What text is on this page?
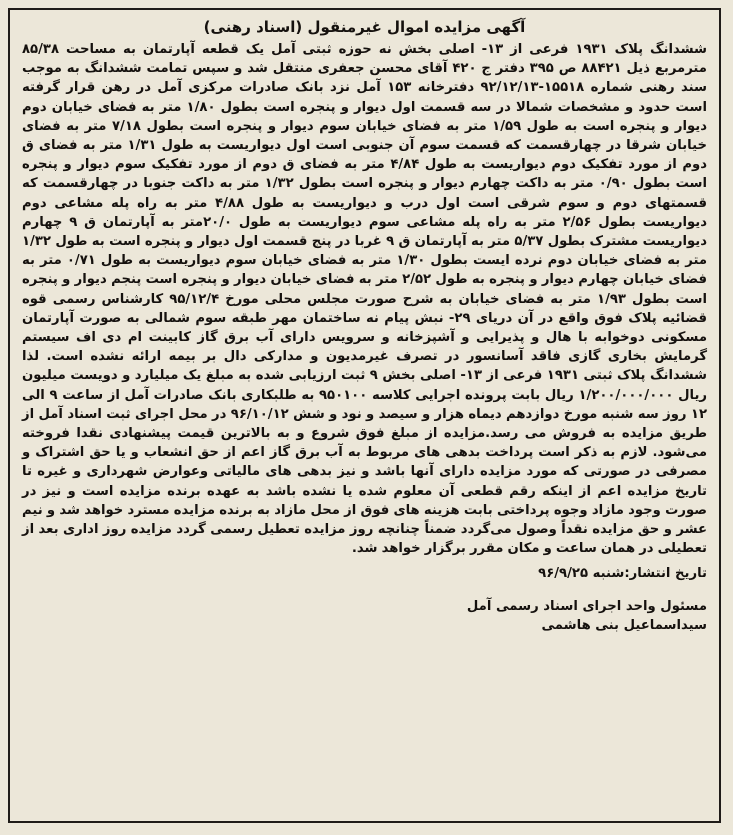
آگهی مزایده اموال غیرمنقول (اسناد رهنی)

ششدانگ پلاک ۱۹۳۱ فرعی از ۱۳- اصلی بخش نه حوزه ثبتی آمل یک قطعه آپارتمان به مساحت ۸۵/۳۸ مترمربع ذیل ۸۸۴۲۱ ص ۳۹۵ دفتر ج ۴۲۰ آقای محسن جعفری منتقل شد و سپس تمامت ششدانگ به موجب سند رهنی شماره ۱۵۵۱۸-۹۲/۱۲/۱۳ دفترخانه ۱۵۳ آمل نزد بانک صادرات مرکزی آمل در رهن قرار گرفته است حدود و مشخصات شمالا در سه قسمت اول دیوار و پنجره است بطول ۱/۸۰ متر به فضای خیابان دوم دیوار و پنجره است به طول ۱/۵۹ متر به فضای خیابان سوم دیوار و پنجره است بطول ۷/۱۸ متر به فضای خیابان شرقا در چهارقسمت که قسمت سوم آن جنوبی است اول دیواریست به طول ۱/۳۱ متر به فضای ق دوم از مورد تفکیک دوم دیواریست به طول ۴/۸۴ متر به فضای ق دوم از مورد تفکیک سوم دیوار و پنجره است بطول ۰/۹۰ متر به داکت چهارم دیوار و پنجره است بطول ۱/۳۲ متر به داکت جنوبا در چهارقسمت که قسمتهای دوم و سوم شرقی است اول درب و دیواریست به طول ۴/۸۸ متر به راه پله مشاعی دوم دیواریست بطول ۲/۵۶ متر به راه پله مشاعی سوم دیواریست به طول ۲۰/۰متر به آپارتمان ق ۹ چهارم دیواریست مشترک بطول ۵/۳۷ متر به آپارتمان ق ۹ غربا در پنج قسمت اول دیوار و پنجره است به طول ۱/۳۲ متر به فضای خیابان دوم نرده ایست بطول ۱/۳۰ متر به فضای خیابان سوم دیواریست به طول ۰/۷۱ متر به فضای خیابان چهارم دیوار و پنجره به طول ۲/۵۲ متر به فضای خیابان دیوار و پنجره است پنجم دیوار و پنجره است بطول ۱/۹۳ متر به فضای خیابان به شرح صورت مجلس محلی مورخ ۹۵/۱۲/۴ کارشناس رسمی قوه قضائیه پلاک فوق واقع در آن دریای ۲۹- نبش پیام نه ساختمان مهر طبقه سوم شمالی به صورت آپارتمان مسکونی دوخوابه با هال و پذیرایی و آشپزخانه و سرویس دارای آب برق گاز کابینت ام دی اف سیستم گرمایش بخاری گازی فاقد آسانسور در تصرف غیرمدیون و مدارکی دال بر بیمه ارائه نشده است. لذا ششدانگ پلاک ثبتی ۱۹۳۱ فرعی از ۱۳- اصلی بخش ۹ ثبت ارزیابی شده به مبلغ یک میلیارد و دویست میلیون ریال ۱/۲۰۰/۰۰۰/۰۰۰ ریال بابت پرونده اجرایی کلاسه ۹۵۰۱۰۰ به طلبکاری بانک صادرات آمل از ساعت ۹ الی ۱۲ روز سه شنبه مورخ دوازدهم دیماه هزار و سیصد و نود و شش ۹۶/۱۰/۱۲ در محل اجرای ثبت اسناد آمل از طریق مزایده به فروش می رسد.مزایده از مبلغ فوق شروع و به بالاترین قیمت پیشنهادی نقدا فروخته می‌شود. لازم به ذکر است پرداخت بدهی های مربوط به آب برق گاز اعم از حق انشعاب و یا حق اشتراک و مصرفی در صورتی که مورد مزایده دارای آنها باشد و نیز بدهی های مالیاتی وعوارض شهرداری و غیره تا تاریخ مزایده اعم از اینکه رقم قطعی آن معلوم شده یا نشده باشد به عهده برنده مزایده است و نیز در صورت وجود مازاد وجوه پرداختی بابت هزینه های فوق از محل مازاد به برنده مزایده مسترد خواهد شد و نیم عشر و حق مزایده نقداً وصول می‌گردد ضمناً چنانچه روز مزایده تعطیل رسمی گردد مزایده روز اداری بعد از تعطیلی در همان ساعت و مکان مقرر برگزار خواهد شد.

تاریخ انتشار:شنبه ۹۶/۹/۲۵

مسئول واحد اجرای اسناد رسمی آمل

سیداسماعیل بنی هاشمی
